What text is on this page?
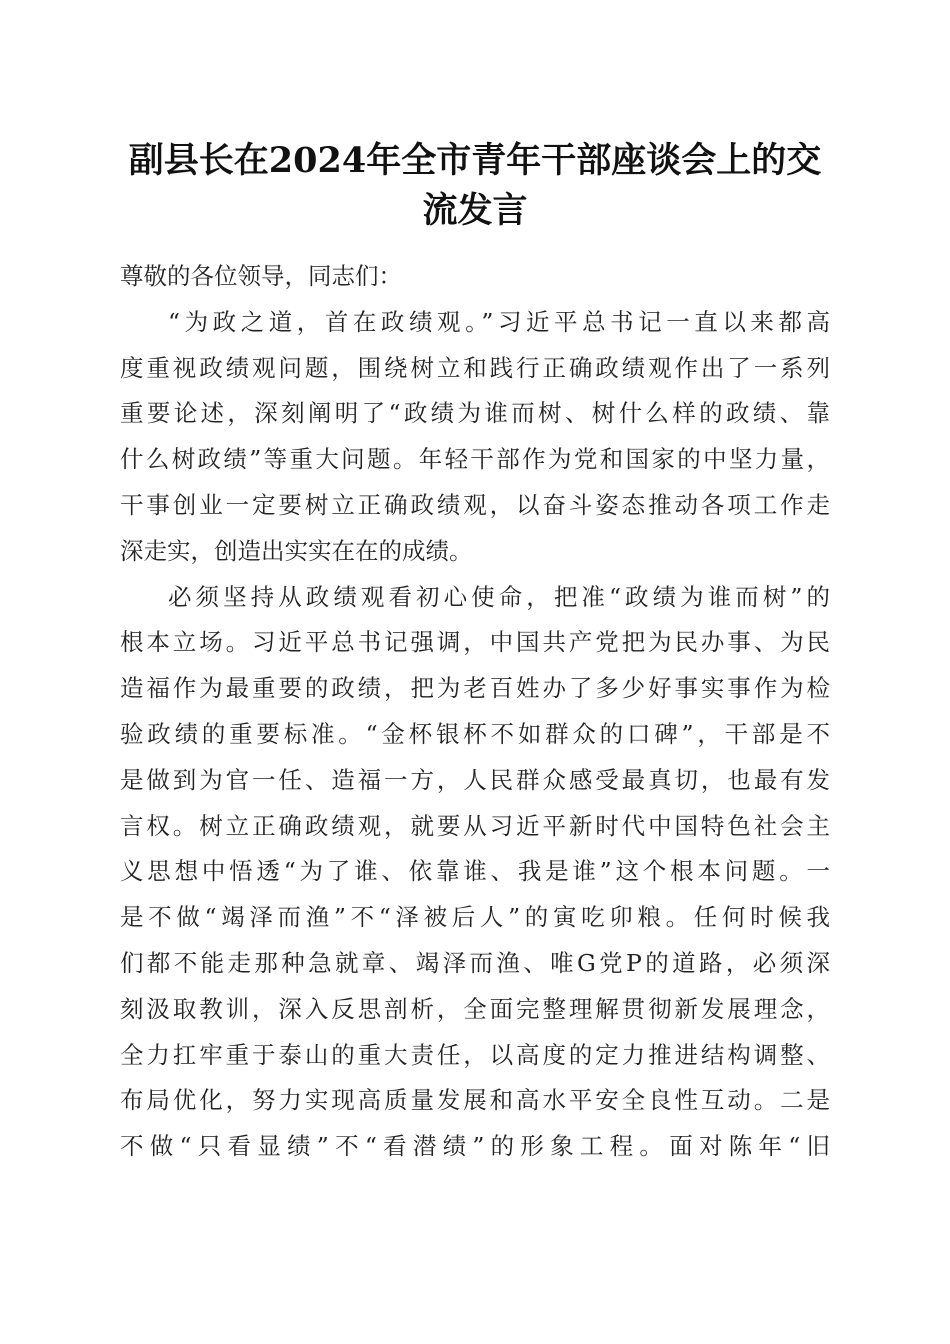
副县长在2024年全市青年干部座谈会上的交
流发言
尊敬的各位领导，同志们：
“为政之道，首在政绩观。”习近平总书记一直以来都高
度重视政绩观问题，围绕树立和践行正确政绩观作出了一系列
重要论述，深刻阐明了“政绩为谁而树、树什么样的政绩、靠
什么树政绩”等重大问题。年轻干部作为党和国家的中坚力量，
干事创业一定要树立正确政绩观，以奋斗姿态推动各项工作走
深走实，创造出实实在在的成绩。
必须坚持从政绩观看初心使命，把准“政绩为谁而树”的
根本立场。习近平总书记强调，中国共产党把为民办事、为民
造福作为最重要的政绩，把为老百姓办了多少好事实事作为检
验政绩的重要标准。“金杯银杯不如群众的口碑”，干部是不
是做到为官一任、造福一方，人民群众感受最真切，也最有发
言权。树立正确政绩观，就要从习近平新时代中国特色社会主
义思想中悟透“为了谁、依靠谁、我是谁”这个根本问题。一
是不做“竭泽而渔”不“泽被后人”的寅吃卯粮。任何时候我
们都不能走那种急就章、竭泽而渔、唯G党P的道路，必须深
刻汲取教训，深入反思剖析，全面完整理解贯彻新发展理念，
全力扛牢重于泰山的重大责任，以高度的定力推进结构调整、
布局优化，努力实现高质量发展和高水平安全良性互动。二是
不做“只看显绩”不“看潜绩”的形象工程。面对陈年“旧
